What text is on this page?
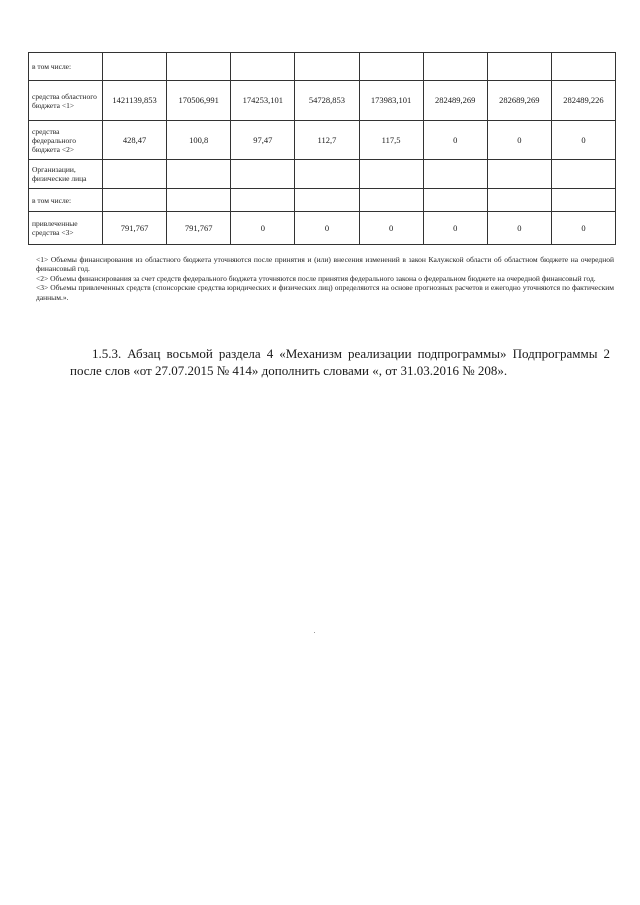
в том числе:								
средства областного бюджета <1>	1421139,853	170506,991	174253,101	54728,853	173983,101	282489,269	282689,269	282489,226
средства федерального бюджета <2>	428,47	100,8	97,47	112,7	117,5	0	0	0
Организации, физические лица								
в том числе:								
привлеченные средства <3>	791,767	791,767	0	0	0	0	0	0

<1> Объемы финансирования из областного бюджета уточняются после принятия и (или) внесения изменений в закон Калужской области об областном бюджете на очередной финансовый год.

<2> Объемы финансирования за счет средств федерального бюджета уточняются после принятия федерального закона о федеральном бюджете на очередной финансовый год.

<3> Объемы привлеченных средств (спонсорские средства юридических и физических лиц) определяются на основе прогнозных расчетов и ежегодно уточняются по фактическим данным.».

1.5.3. Абзац восьмой раздела 4 «Механизм реализации подпрограммы» Подпрограммы 2 после слов «от 27.07.2015 № 414» дополнить словами «, от 31.03.2016 № 208».
